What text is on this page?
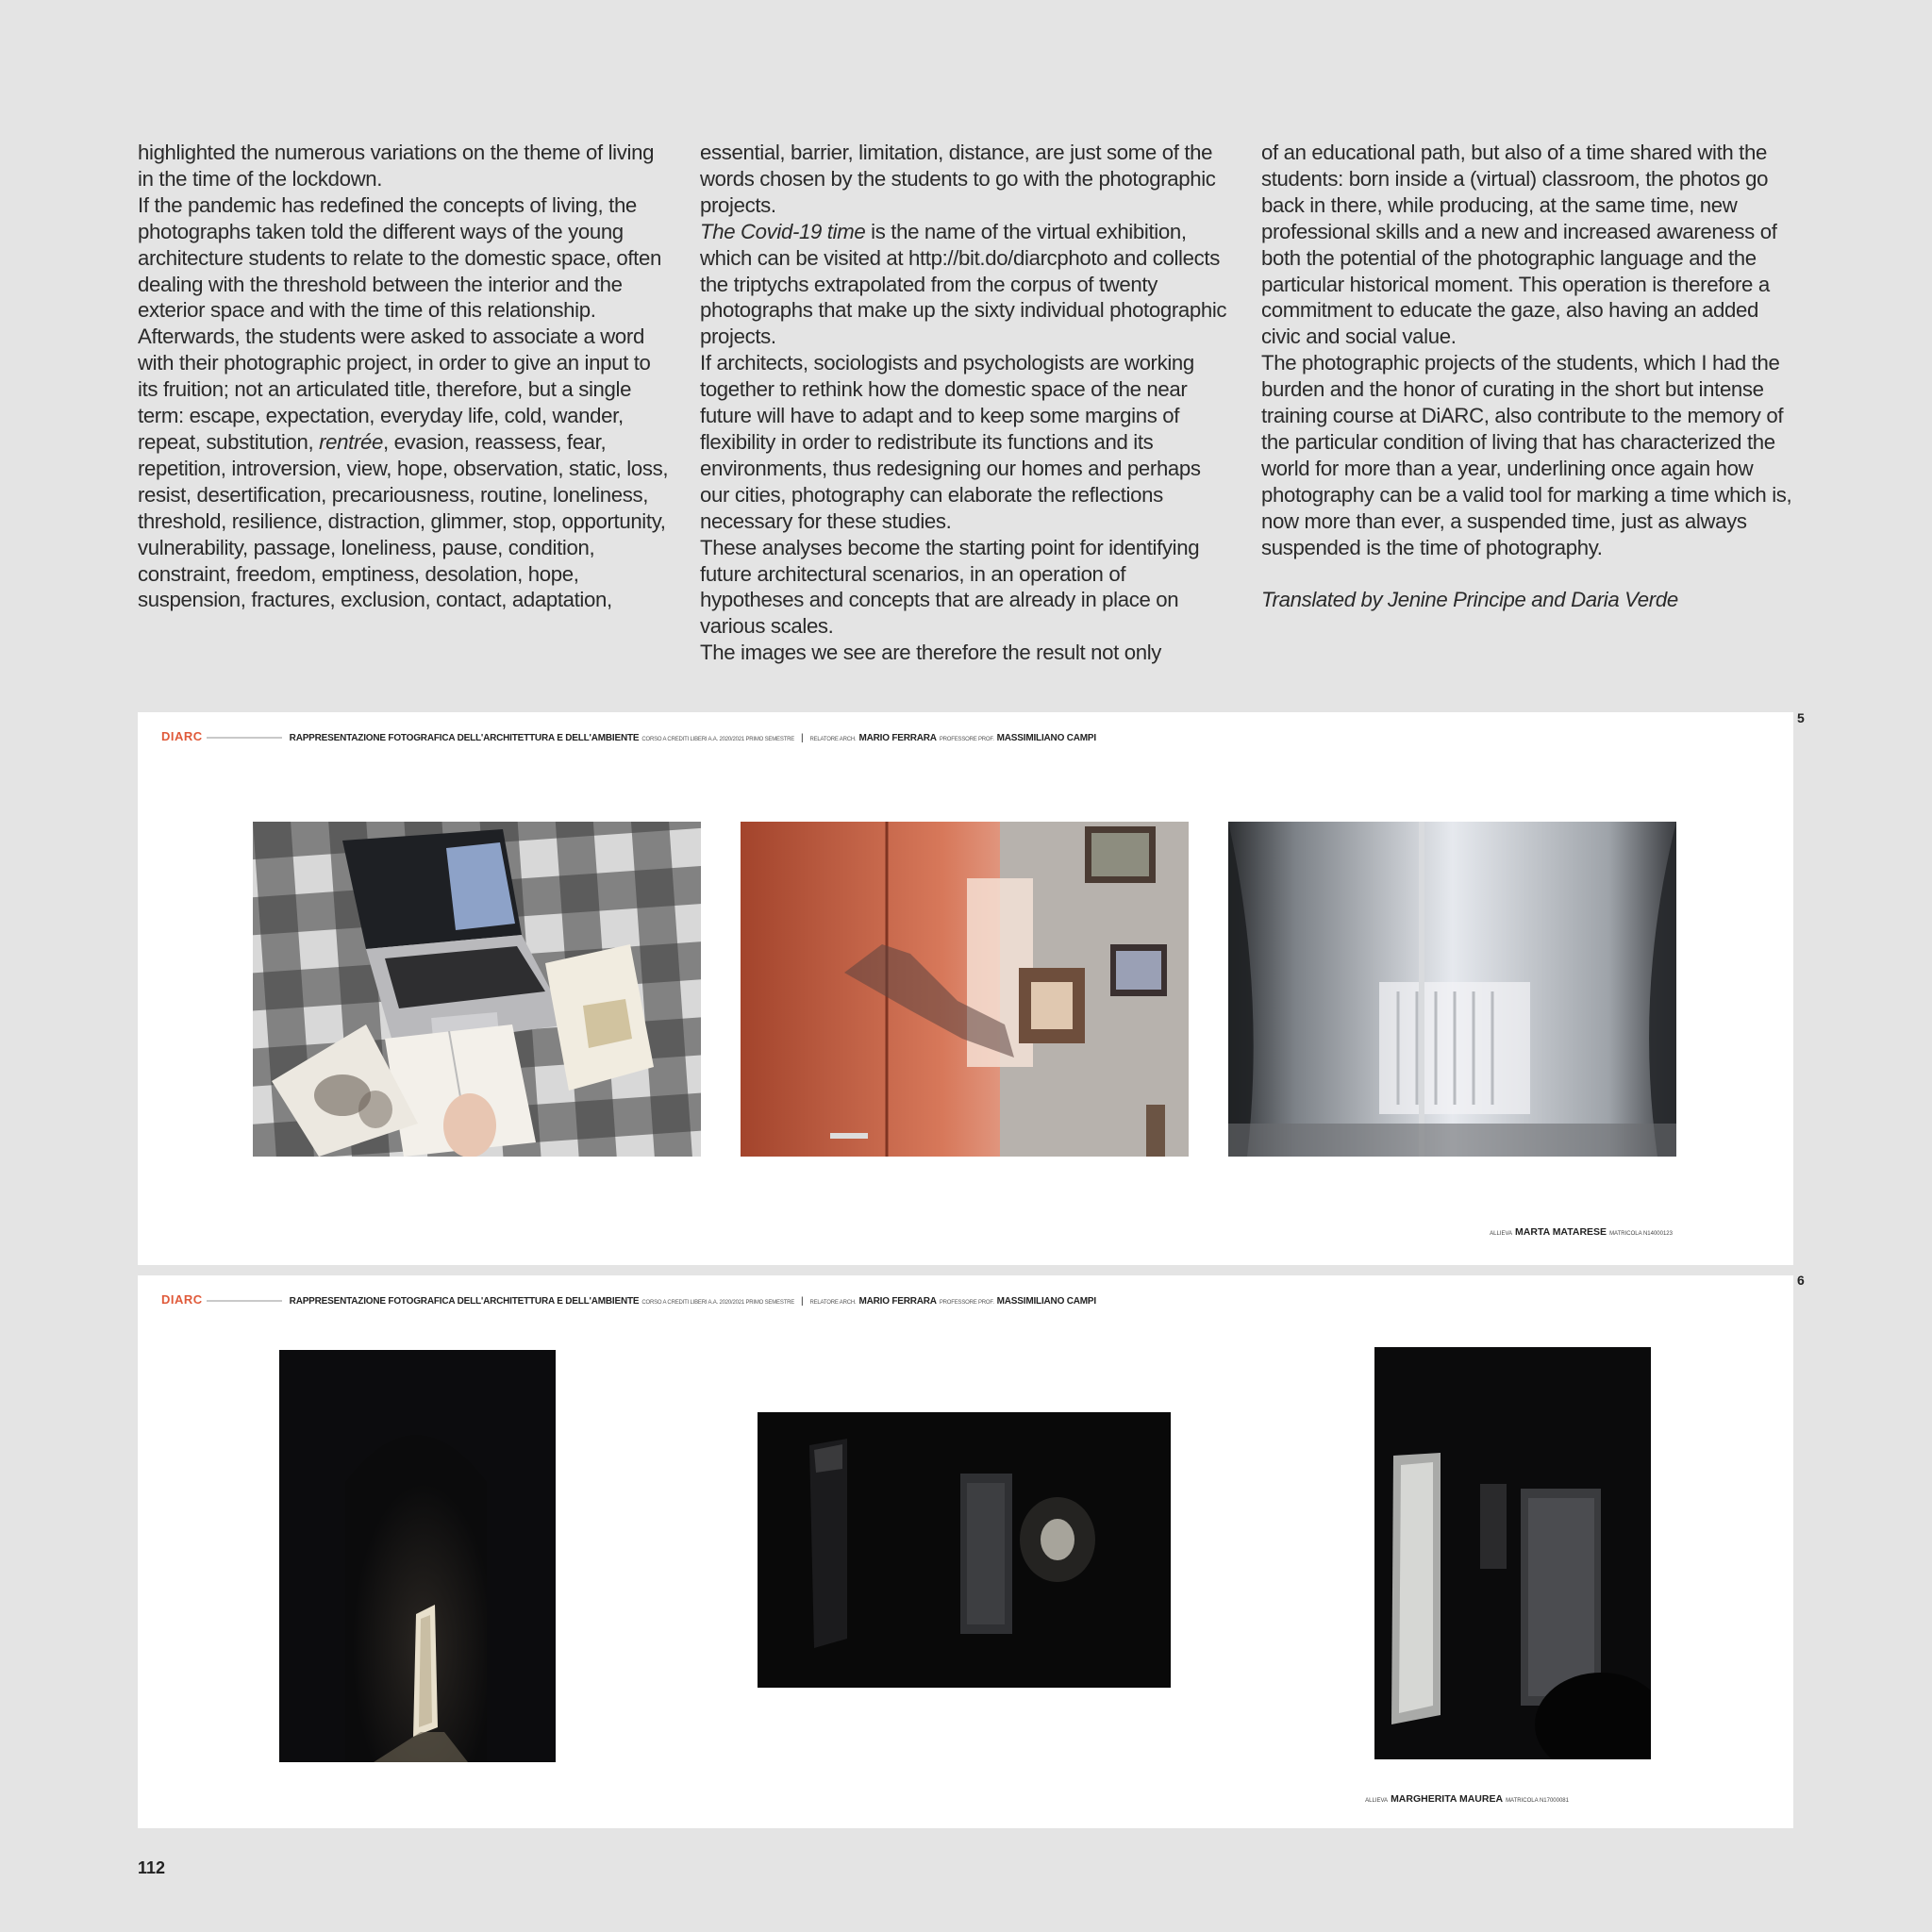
highlighted the numerous variations on the theme of living in the time of the lockdown.

If the pandemic has redefined the concepts of living, the photographs taken told the different ways of the young architecture students to relate to the domestic space, often dealing with the threshold between the interior and the exterior space and with the time of this relationship.

Afterwards, the students were asked to associate a word with their photographic project, in order to give an input to its fruition; not an articulated title, therefore, but a single term: escape, expectation, everyday life, cold, wander, repeat, substitution, rentrée, evasion, reassess, fear, repetition, introversion, view, hope, observation, static, loss, resist, desertification, precariousness, routine, loneliness, threshold, resilience, distraction, glimmer, stop, opportunity, vulnerability, passage, loneliness, pause, condition, constraint, freedom, emptiness, desolation, hope, suspension, fractures, exclusion, contact, adaptation,

essential, barrier, limitation, distance, are just some of the words chosen by the students to go with the photographic projects.

The Covid-19 time is the name of the virtual exhibition, which can be visited at http://bit.do/diarcphoto and collects the triptychs extrapolated from the corpus of twenty photographs that make up the sixty individual photographic projects.

If architects, sociologists and psychologists are working together to rethink how the domestic space of the near future will have to adapt and to keep some margins of flexibility in order to redistribute its functions and its environments, thus redesigning our homes and perhaps our cities, photography can elaborate the reflections necessary for these studies.

These analyses become the starting point for identifying future architectural scenarios, in an operation of hypotheses and concepts that are already in place on various scales.

The images we see are therefore the result not only

of an educational path, but also of a time shared with the students: born inside a (virtual) classroom, the photos go back in there, while producing, at the same time, new professional skills and a new and increased awareness of both the potential of the photographic language and the particular historical moment. This operation is therefore a commitment to educate the gaze, also having an added civic and social value.

The photographic projects of the students, which I had the burden and the honor of curating in the short but intense training course at DiARC, also contribute to the memory of the particular condition of living that has characterized the world for more than a year, underlining once again how photography can be a valid tool for marking a time which is, now more than ever, a suspended time, just as always suspended is the time of photography.

Translated by Jenine Principe and Daria Verde

DIARC	RAPPRESENTAZIONE FOTOGRAFICA DELL'ARCHITETTURA E DELL'AMBIENTE CORSO A CREDITI LIBERI A.A. 2020/2021 PRIMO SEMESTRE | RELATORE ARCH. MARIO FERRARA PROFESSORE PROF. MASSIMILIANO CAMPI
ALLIEVA MARTA MATARESE MATRICOLA N14000123
5
DIARC	RAPPRESENTAZIONE FOTOGRAFICA DELL'ARCHITETTURA E DELL'AMBIENTE CORSO A CREDITI LIBERI A.A. 2020/2021 PRIMO SEMESTRE | RELATORE ARCH. MARIO FERRARA PROFESSORE PROF. MASSIMILIANO CAMPI
ALLIEVA MARGHERITA MAUREA MATRICOLA N17000081
6
112
